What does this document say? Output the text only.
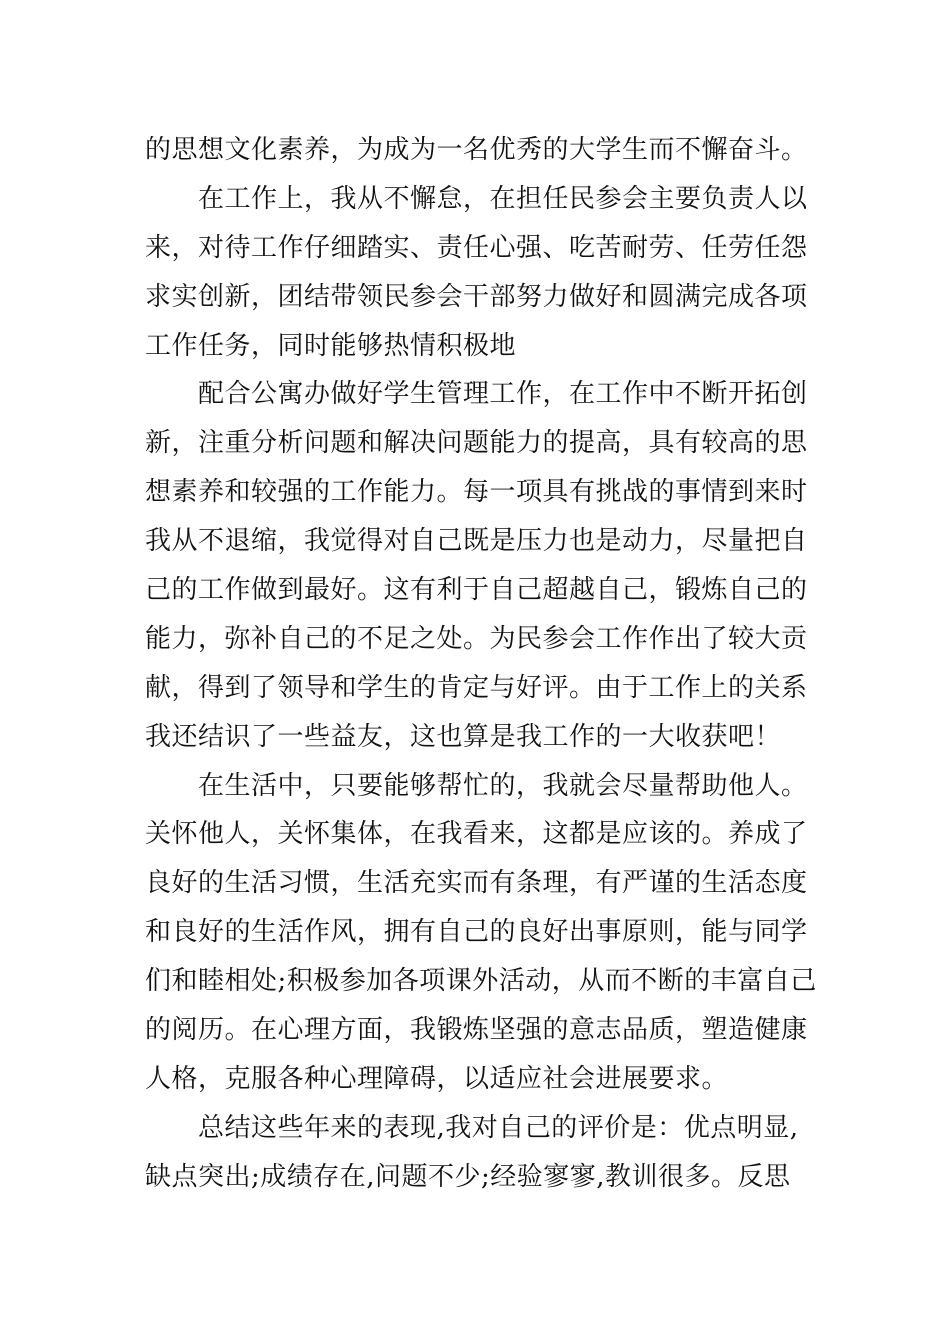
的思想文化素养，为成为一名优秀的大学生而不懈奋斗。
在工作上，我从不懈怠，在担任民参会主要负责人以
来，对待工作仔细踏实、责任心强、吃苦耐劳、任劳任怨
求实创新，团结带领民参会干部努力做好和圆满完成各项
工作任务，同时能够热情积极地
配合公寓办做好学生管理工作，在工作中不断开拓创
新，注重分析问题和解决问题能力的提高，具有较高的思
想素养和较强的工作能力。每一项具有挑战的事情到来时
我从不退缩，我觉得对自己既是压力也是动力，尽量把自
己的工作做到最好。这有利于自己超越自己，锻炼自己的
能力，弥补自己的不足之处。为民参会工作作出了较大贡
献，得到了领导和学生的肯定与好评。由于工作上的关系
我还结识了一些益友，这也算是我工作的一大收获吧！
在生活中，只要能够帮忙的，我就会尽量帮助他人。
关怀他人，关怀集体，在我看来，这都是应该的。养成了
良好的生活习惯，生活充实而有条理，有严谨的生活态度
和良好的生活作风，拥有自己的良好出事原则，能与同学
们和睦相处;积极参加各项课外活动，从而不断的丰富自己
的阅历。在心理方面，我锻炼坚强的意志品质，塑造健康
人格，克服各种心理障碍，以适应社会进展要求。
总结这些年来的表现,我对自己的评价是：优点明显,
缺点突出;成绩存在,问题不少;经验寥寥,教训很多。反思
